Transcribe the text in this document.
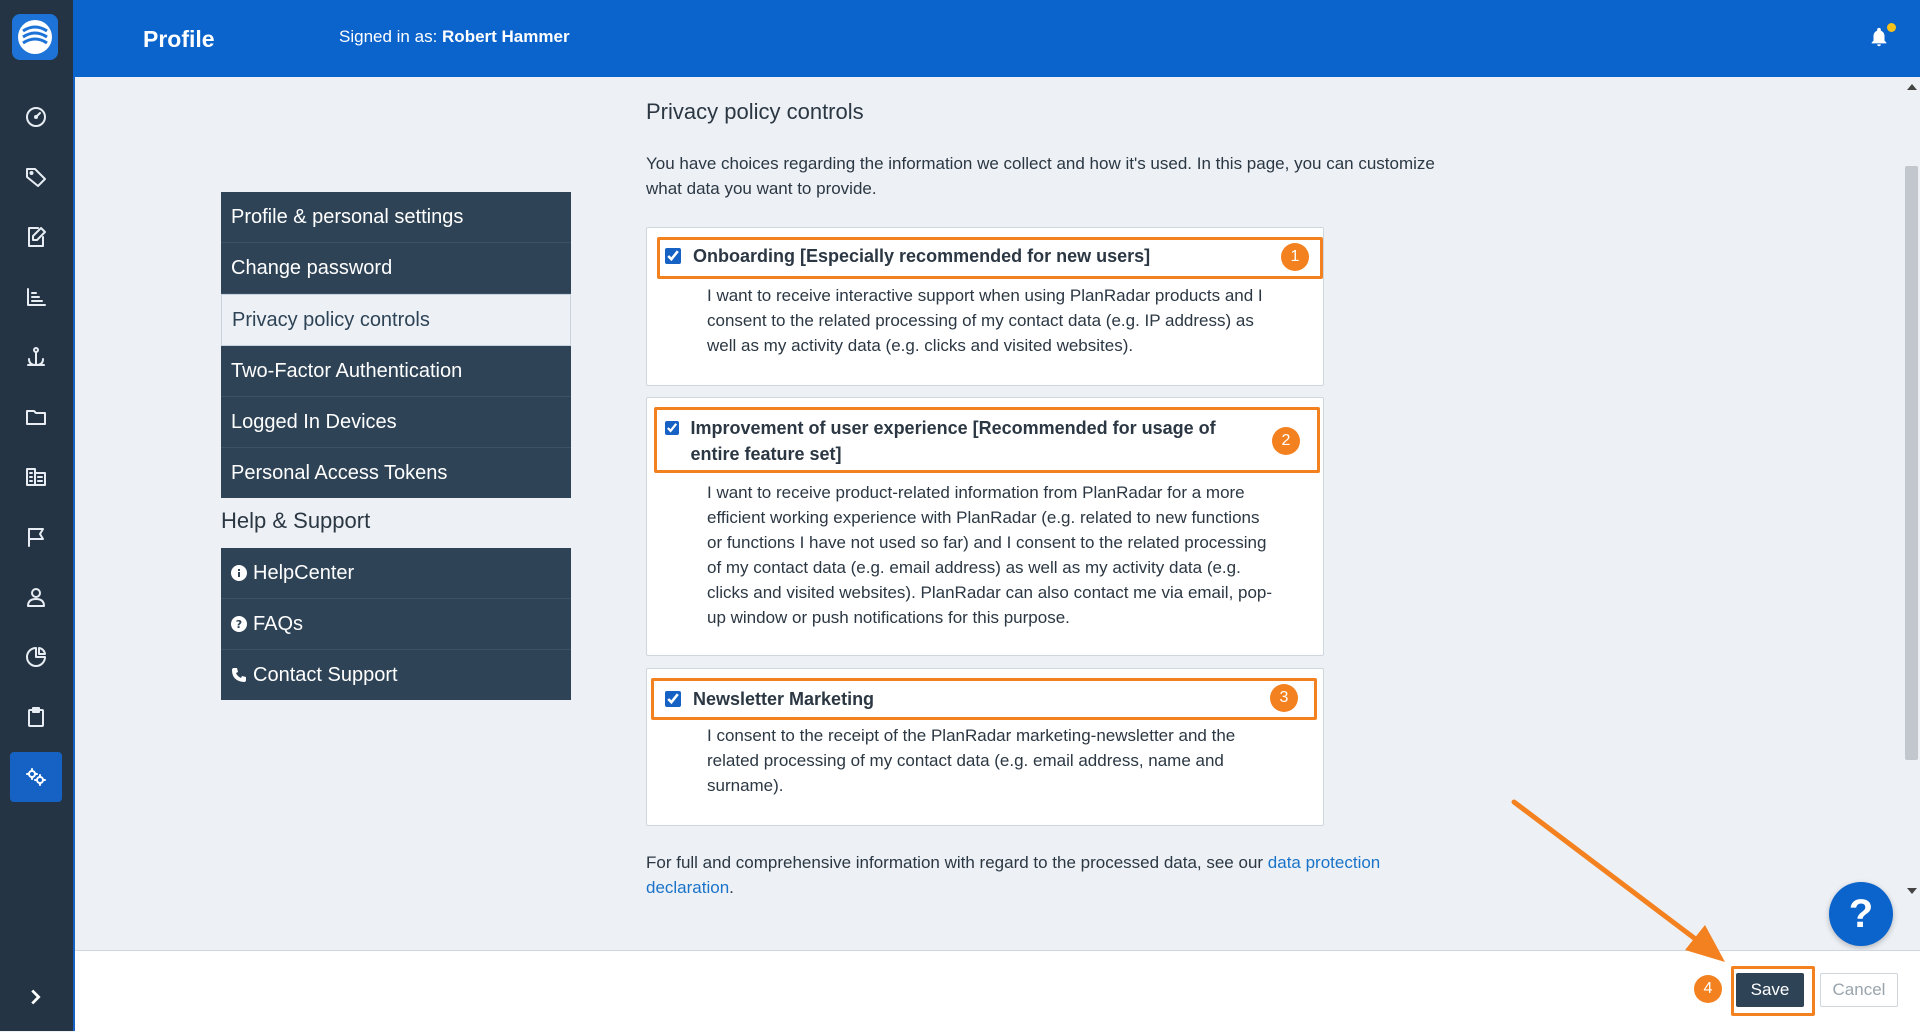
Profile	Signed in as: Robert Hammer
Profile & personal settings
Change password
Privacy policy controls
Two-Factor Authentication
Logged In Devices
Personal Access Tokens
Help & Support
HelpCenter
? FAQs
Contact Support
Privacy policy controls
You have choices regarding the information we collect and how it's used. In this page, you can customize what data you want to provide.
Onboarding [Especially recommended for new users]
I want to receive interactive support when using PlanRadar products and I consent to the related processing of my contact data (e.g. IP address) as well as my activity data (e.g. clicks and visited websites).
1
Improvement of user experience [Recommended for usage of entire feature set]
I want to receive product-related information from PlanRadar for a more efficient working experience with PlanRadar (e.g. related to new functions or functions I have not used so far) and I consent to the related processing of my contact data (e.g. email address) as well as my activity data (e.g. clicks and visited websites). PlanRadar can also contact me via email, pop-up window or push notifications for this purpose.
2
Newsletter Marketing
I consent to the receipt of the PlanRadar marketing-newsletter and the related processing of my contact data (e.g. email address, name and surname).
3
For full and comprehensive information with regard to the processed data, see our data protection declaration.
?
4	Save	Cancel
